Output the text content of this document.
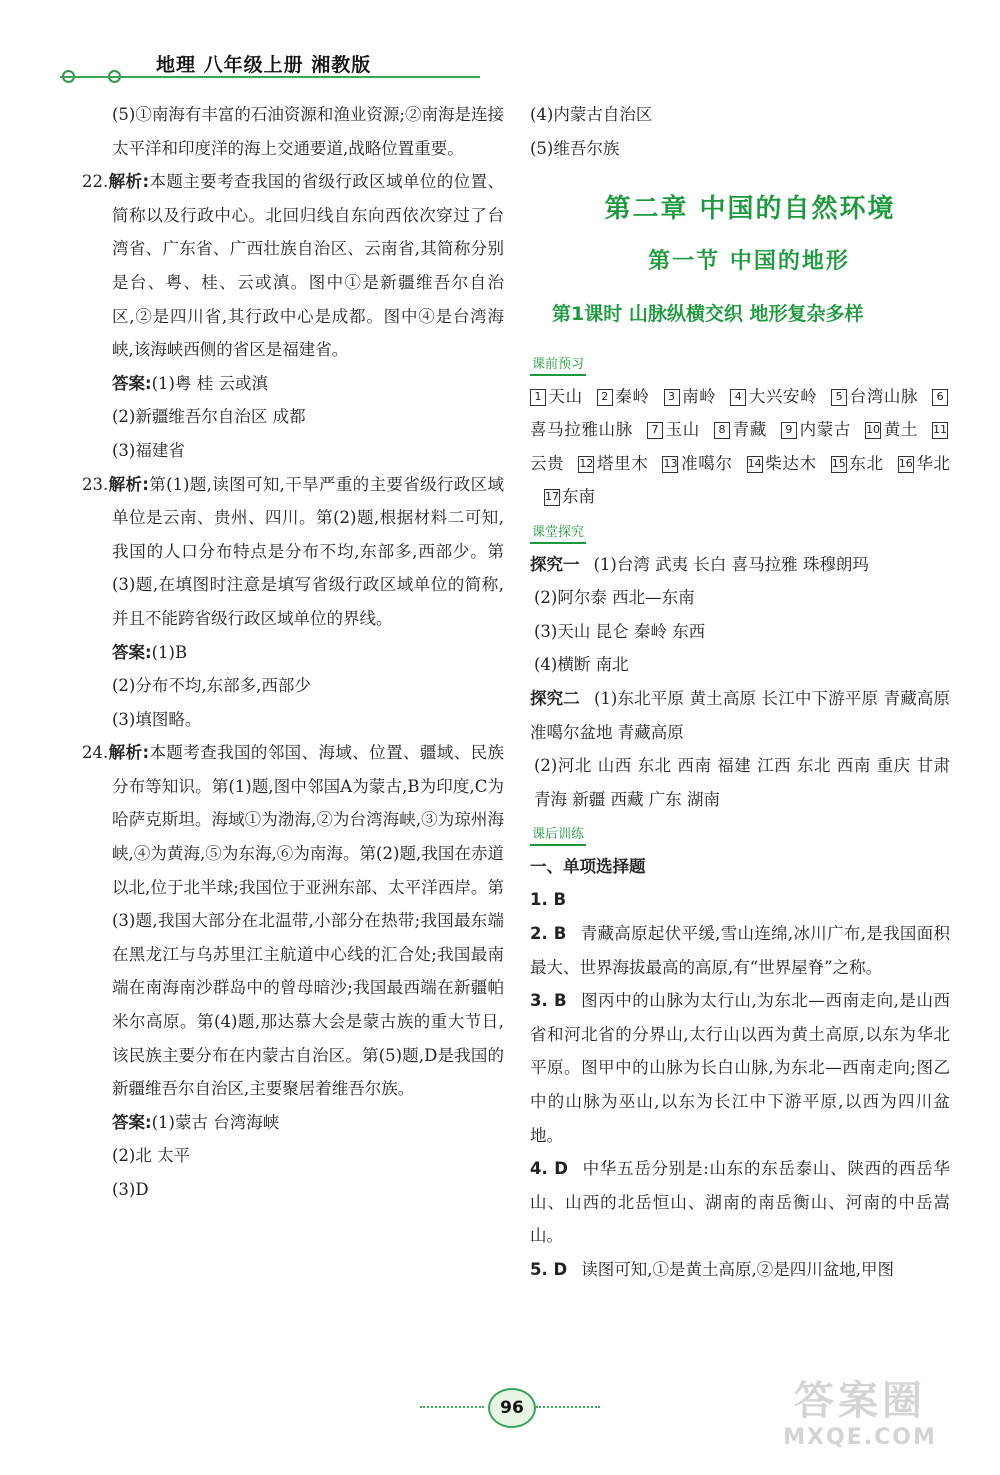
地理 八年级上册 湘教版

(5)①南海有丰富的石油资源和渔业资源;②南海是连接太平洋和印度洋的海上交通要道,战略位置重要。

22.解析:本题主要考查我国的省级行政区域单位的位置、简称以及行政中心。北回归线自东向西依次穿过了台湾省、广东省、广西壮族自治区、云南省,其简称分别是台、粤、桂、云或滇。图中①是新疆维吾尔自治区,②是四川省,其行政中心是成都。图中④是台湾海峡,该海峡西侧的省区是福建省。

答案:(1)粤 桂 云或滇

(2)新疆维吾尔自治区 成都

(3)福建省

23.解析:第(1)题,读图可知,干旱严重的主要省级行政区域单位是云南、贵州、四川。第(2)题,根据材料二可知,我国的人口分布特点是分布不均,东部多,西部少。第(3)题,在填图时注意是填写省级行政区域单位的简称,并且不能跨省级行政区域单位的界线。

答案:(1)B

(2)分布不均,东部多,西部少

(3)填图略。

24.解析:本题考查我国的邻国、海域、位置、疆域、民族分布等知识。第(1)题,图中邻国A为蒙古,B为印度,C为哈萨克斯坦。海域①为渤海,②为台湾海峡,③为琼州海峡,④为黄海,⑤为东海,⑥为南海。第(2)题,我国在赤道以北,位于北半球;我国位于亚洲东部、太平洋西岸。第(3)题,我国大部分在北温带,小部分在热带;我国最东端在黑龙江与乌苏里江主航道中心线的汇合处;我国最南端在南海南沙群岛中的曾母暗沙;我国最西端在新疆帕米尔高原。第(4)题,那达慕大会是蒙古族的重大节日,该民族主要分布在内蒙古自治区。第(5)题,D是我国的新疆维吾尔自治区,主要聚居着维吾尔族。

答案:(1)蒙古 台湾海峡

(2)北 太平

(3)D

(4)内蒙古自治区

(5)维吾尔族

第二章 中国的自然环境
第一节 中国的地形
第1课时 山脉纵横交织 地形复杂多样
课前预习

1 天山 2 秦岭 3 南岭 4 大兴安岭 5 台湾山脉 6喜马拉雅山脉 7 玉山 8 青藏 9 内蒙古 10 黄土 11云贵 12 塔里木 13 准噶尔 14 柴达木 15 东北 16 华北17 东南

课堂探究

探究一 (1)台湾 武夷 长白 喜马拉雅 珠穆朗玛

(2)阿尔泰 西北—东南

(3)天山 昆仑 秦岭 东西

(4)横断 南北

探究二 (1)东北平原 黄土高原 长江中下游平原 青藏高原 准噶尔盆地 青藏高原

(2)河北 山西 东北 西南 福建 江西 东北 西南 重庆 甘肃 青海 新疆 西藏 广东 湖南

课后训练

一、单项选择题

1. B

2. B 青藏高原起伏平缓,雪山连绵,冰川广布,是我国面积最大、世界海拔最高的高原,有“世界屋脊”之称。

3. B 图丙中的山脉为太行山,为东北—西南走向,是山西省和河北省的分界山,太行山以西为黄土高原,以东为华北平原。图甲中的山脉为长白山脉,为东北—西南走向;图乙中的山脉为巫山,以东为长江中下游平原,以西为四川盆地。

4. D 中华五岳分别是:山东的东岳泰山、陕西的西岳华山、山西的北岳恒山、湖南的南岳衡山、河南的中岳嵩山。

5. D 读图可知,①是黄土高原,②是四川盆地,甲图

96	答案圈
MXQE.COM
